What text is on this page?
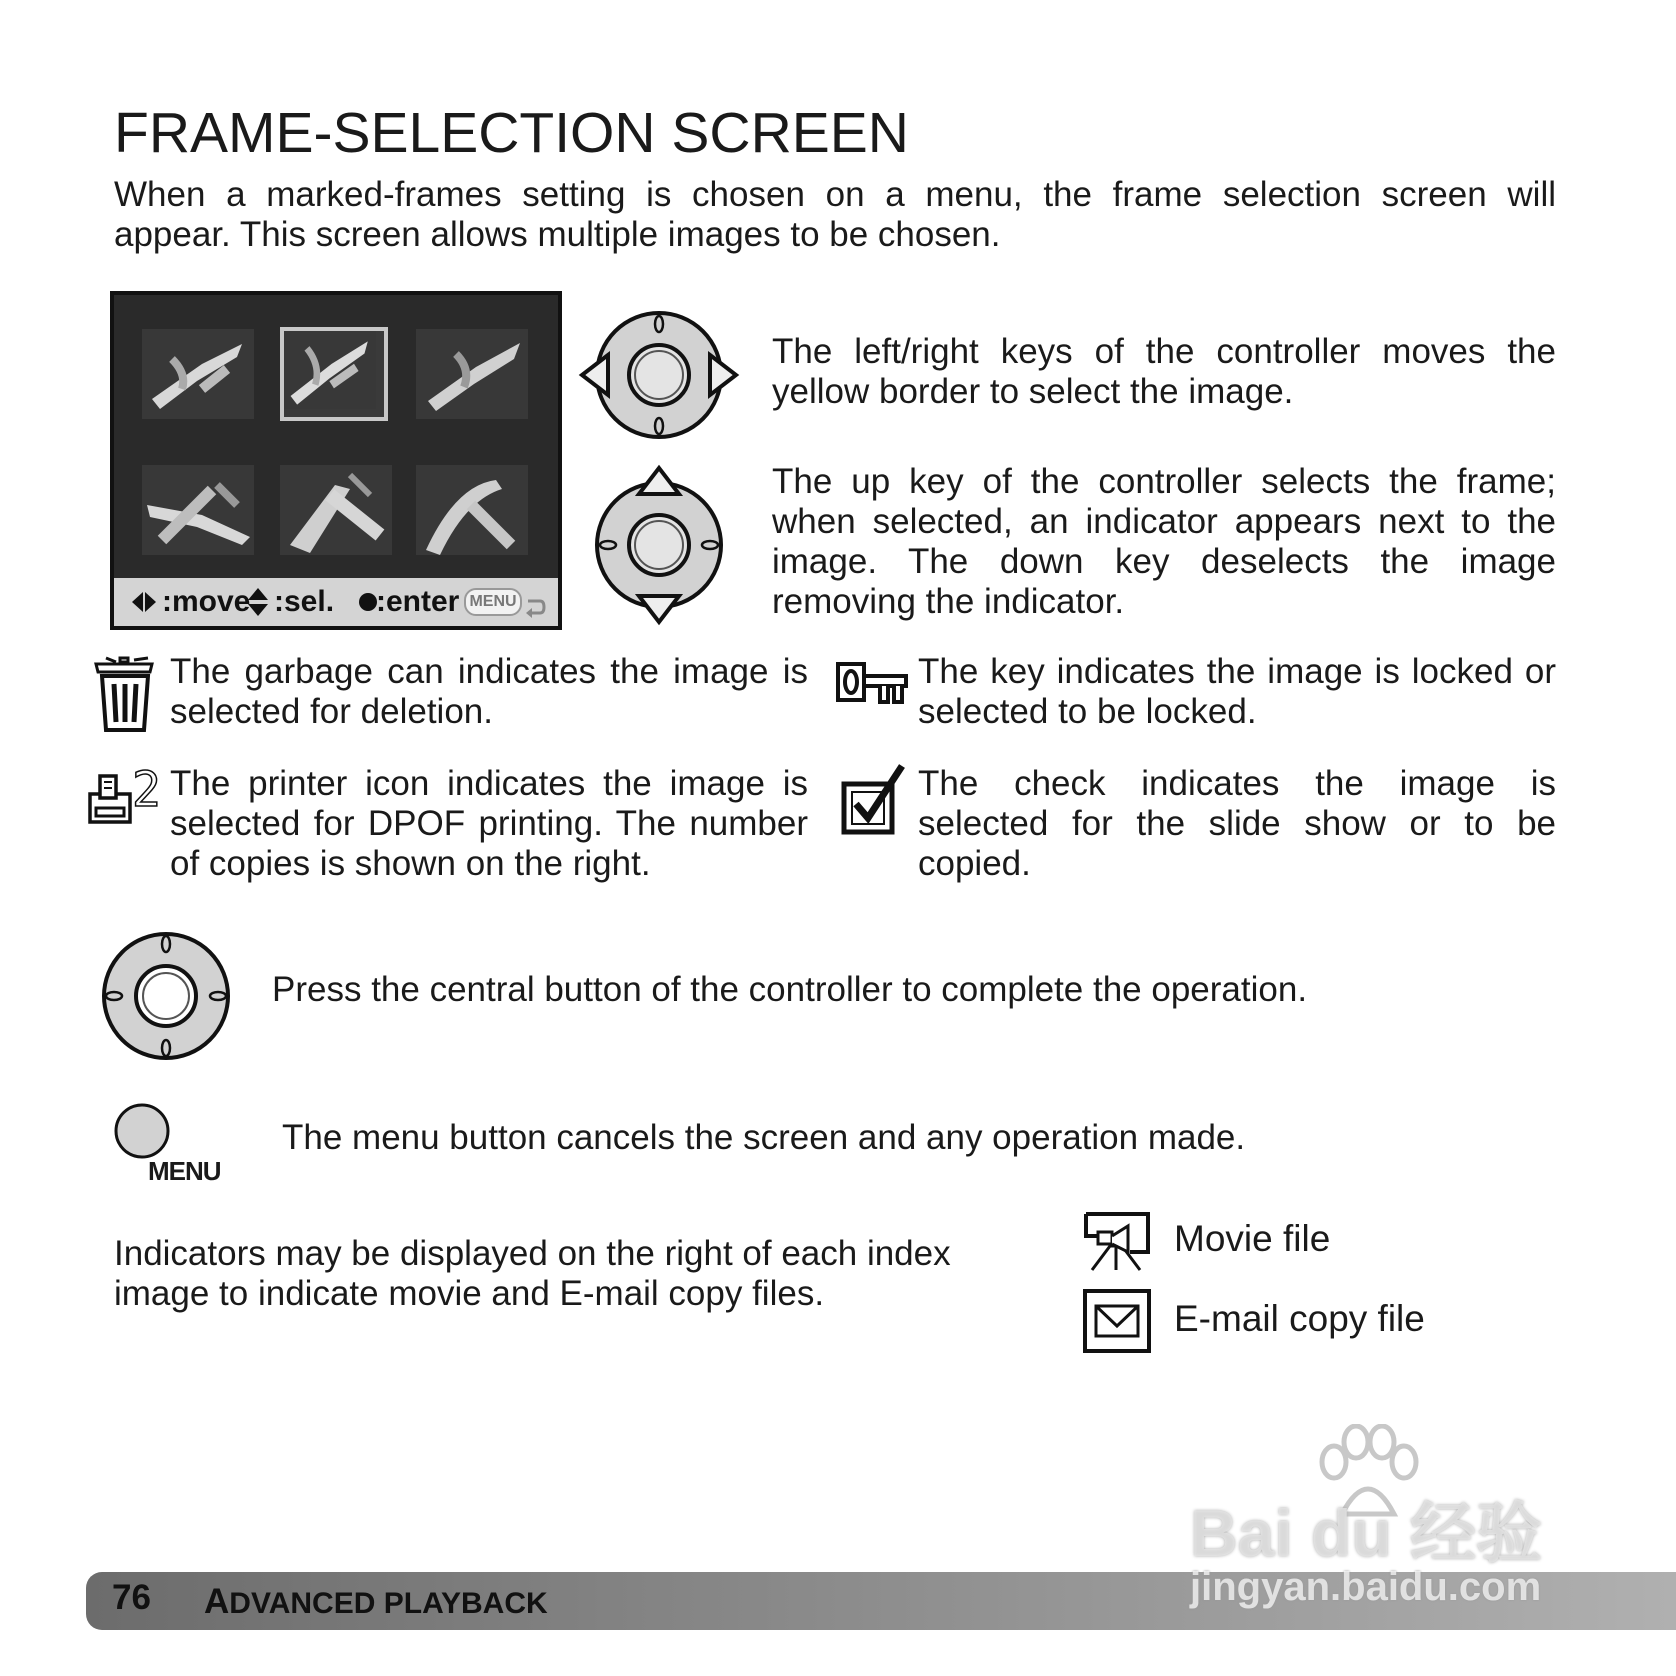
FRAME-SELECTION SCREEN

When a marked-frames setting is chosen on a menu, the frame selection screen will

appear. This screen allows multiple images to be chosen.

:move :sel. :enter MENU

The left/right keys of the controller moves the yellow border to select the image.

The up key of the controller selects the frame; when selected, an indicator appears next to the image. The down key deselects the image removing the indicator.

The garbage can indicates the image is selected for deletion.

The key indicates the image is locked or selected to be locked.

2 The printer icon indicates the image is selected for DPOF printing. The number of copies is shown on the right.

The check indicates the image is selected for the slide show or to be copied.

Press the central button of the controller to complete the operation.

MENU

The menu button cancels the screen and any operation made.

Indicators may be displayed on the right of each index image to indicate movie and E-mail copy files.

Movie file

E-mail copy file

76 ADVANCED PLAYBACK

Bai du 经验

jingyan.baidu.com
